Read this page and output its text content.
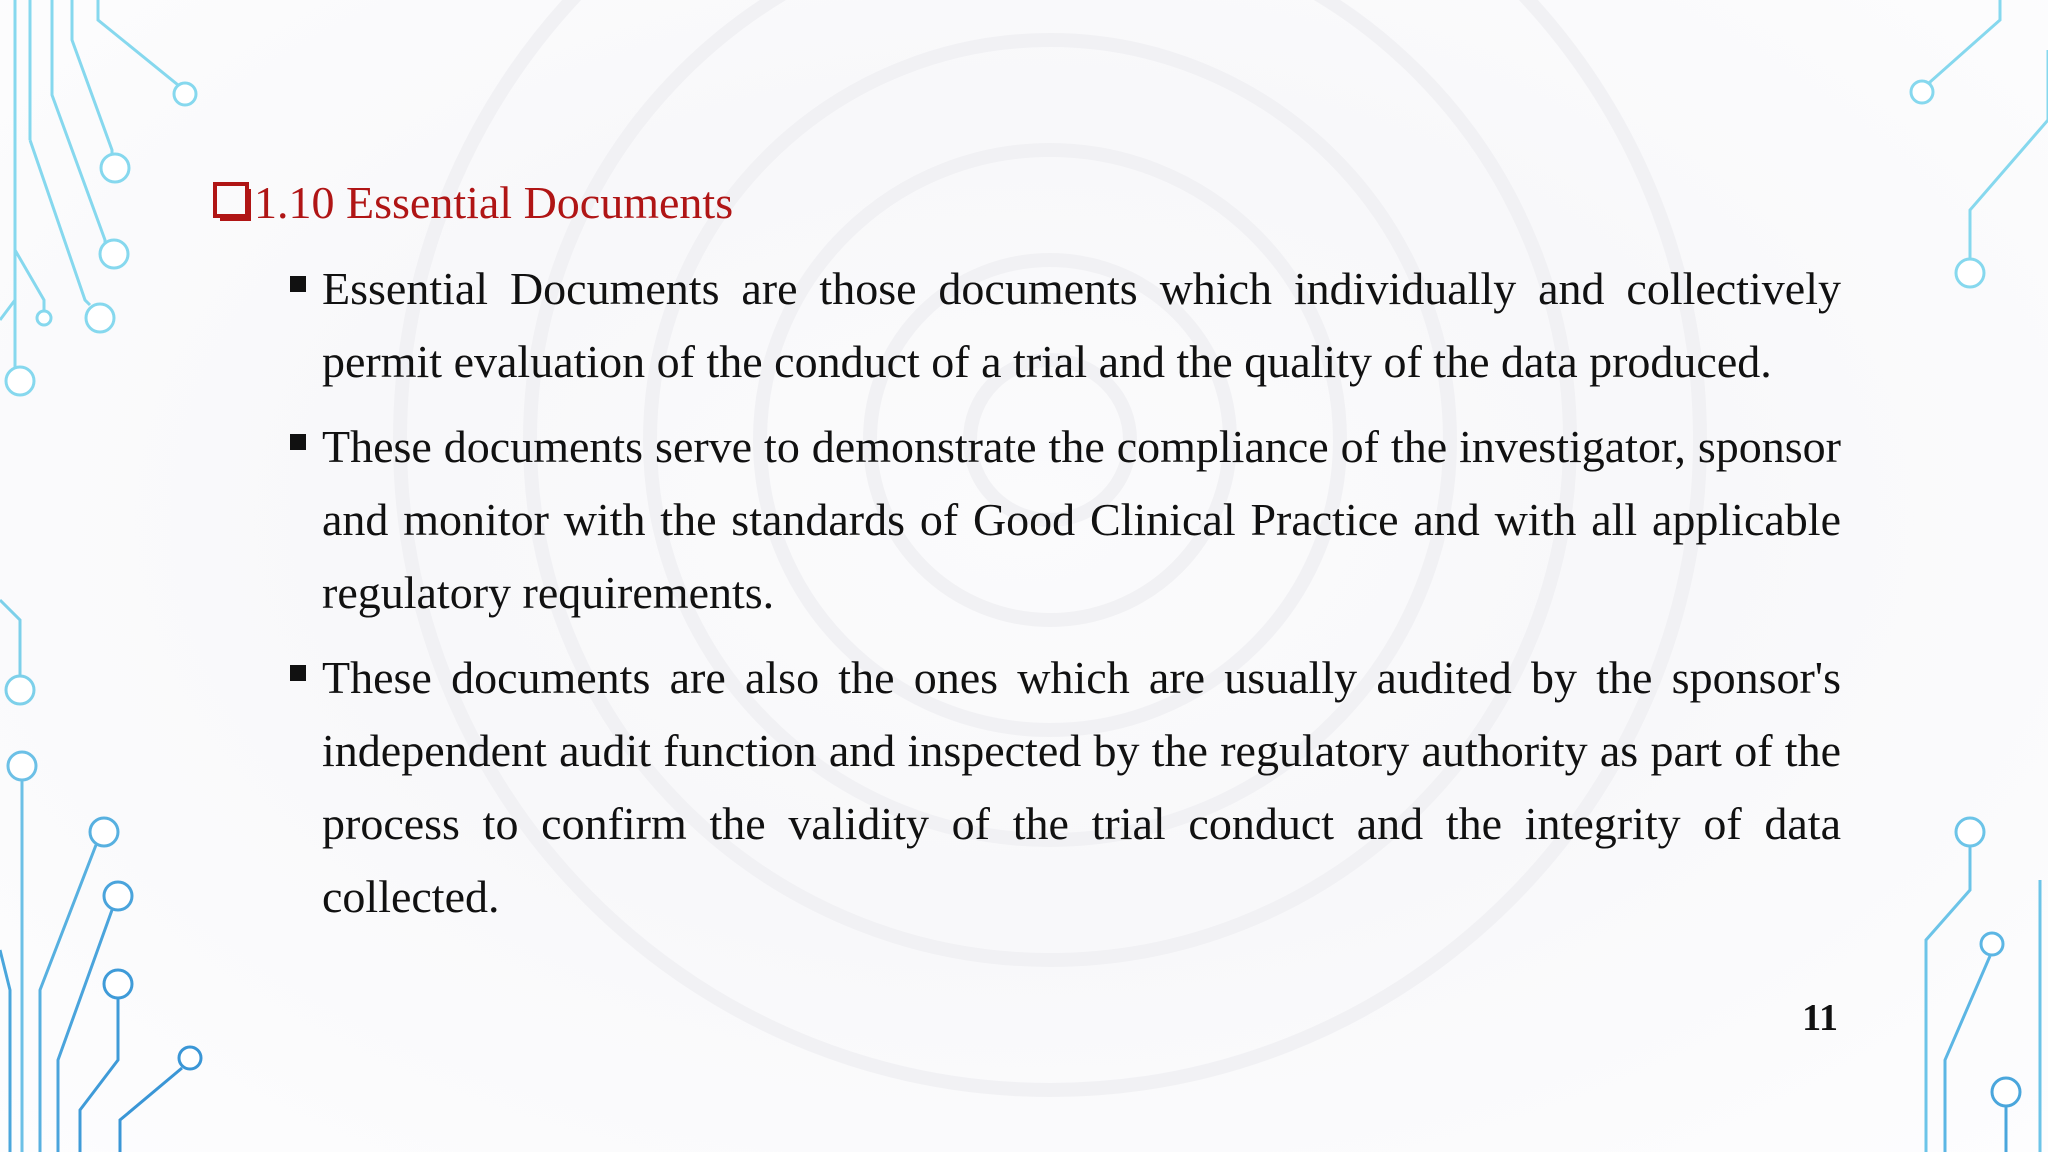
1.10 Essential Documents
Essential Documents are those documents which individually and collectively permit evaluation of the conduct of a trial and the quality of the data produced.
These documents serve to demonstrate the compliance of the investigator, sponsor and monitor with the standards of Good Clinical Practice and with all applicable regulatory requirements.
These documents are also the ones which are usually audited by the sponsor's independent audit function and inspected by the regulatory authority as part of the process to confirm the validity of the trial conduct and the integrity of data collected.
11
